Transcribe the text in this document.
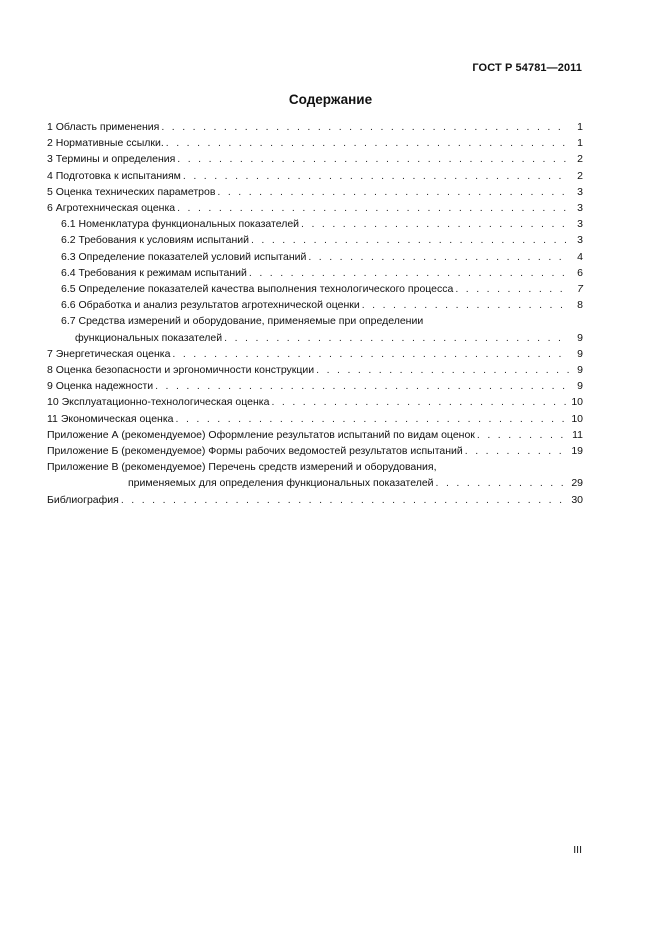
ГОСТ Р 54781—2011
Содержание
1 Область применения . . .	1
2 Нормативные ссылки. . . .	1
3 Термины и определения . . .	2
4 Подготовка к испытаниям . . .	2
5 Оценка технических параметров . . .	3
6 Агротехническая оценка . . .	3
6.1 Номенклатура функциональных показателей . . .	3
6.2 Требования к условиям испытаний . . .	3
6.3 Определение показателей условий испытаний . . .	4
6.4 Требования к режимам испытаний . . .	6
6.5 Определение показателей качества выполнения технологического процесса . . .	7
6.6 Обработка и анализ результатов агротехнической оценки . . .	8
6.7 Средства измерений и оборудование, применяемые при определении
функциональных показателей . . .	9
7 Энергетическая оценка . . .	9
8 Оценка безопасности и эргономичности конструкции . . .	9
9 Оценка надежности . . .	9
10 Эксплуатационно-технологическая оценка . . .	10
11 Экономическая оценка . . .	10
Приложение А (рекомендуемое) Оформление результатов испытаний по видам оценок . . .	11
Приложение Б (рекомендуемое) Формы рабочих ведомостей результатов испытаний . . .	19
Приложение В (рекомендуемое) Перечень средств измерений и оборудования,
применяемых для определения функциональных показателей . . .	29
Библиография . . .	30
III
